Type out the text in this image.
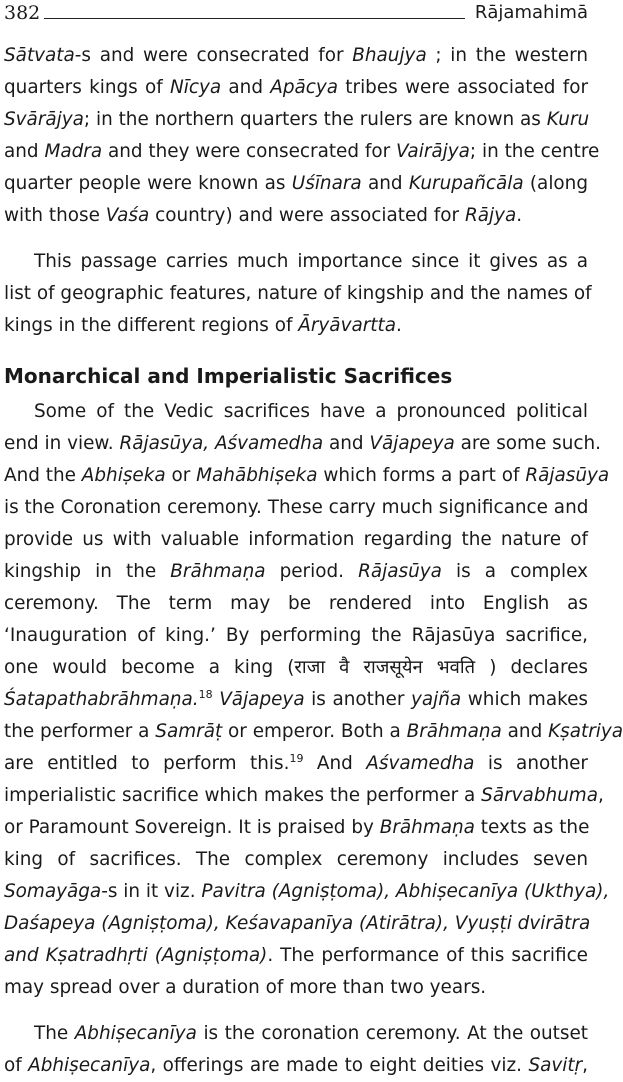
382	Rājamahimā
Sātvata-s and were consecrated for Bhaujya ; in the western
quarters kings of Nīcya and Apācya tribes were associated for
Svārājya; in the northern quarters the rulers are known as Kuru
and Madra and they were consecrated for Vairājya; in the centre
quarter people were known as Uśīnara and Kurupañcāla (along
with those Vaśa country) and were associated for Rājya.
This passage carries much importance since it gives as a
list of geographic features, nature of kingship and the names of
kings in the different regions of Āryāvartta.
Monarchical and Imperialistic Sacrifices
Some of the Vedic sacrifices have a pronounced political
end in view. Rājasūya, Aśvamedha and Vājapeya are some such.
And the Abhiṣeka or Mahābhiṣeka which forms a part of Rājasūya
is the Coronation ceremony. These carry much significance and
provide us with valuable information regarding the nature of
kingship in the Brāhmaṇa period. Rājasūya is a complex
ceremony. The term may be rendered into English as
‘Inauguration of king.’ By performing the Rājasūya sacrifice,
one would become a king (राजा वै राजसूयेन भवति ) declares
Śatapathabrāhmaṇa.$^{18}$ Vājapeya is another yajña which makes
the performer a Samrāṭ or emperor. Both a Brāhmaṇa and Kṣatriya
are entitled to perform this.$^{19}$ And Aśvamedha is another
imperialistic sacrifice which makes the performer a Sārvabhuma,
or Paramount Sovereign. It is praised by Brāhmaṇa texts as the
king of sacrifices. The complex ceremony includes seven
Somayāga-s in it viz. Pavitra (Agniṣṭoma), Abhiṣecanīya (Ukthya),
Daśapeya (Agniṣṭoma), Keśavapanīya (Atirātra), Vyuṣṭi dvirātra
and Kṣatradhṛti (Agniṣṭoma). The performance of this sacrifice
may spread over a duration of more than two years.
The Abhiṣecanīya is the coronation ceremony. At the outset
of Abhiṣecanīya, offerings are made to eight deities viz. Savitṛ,
